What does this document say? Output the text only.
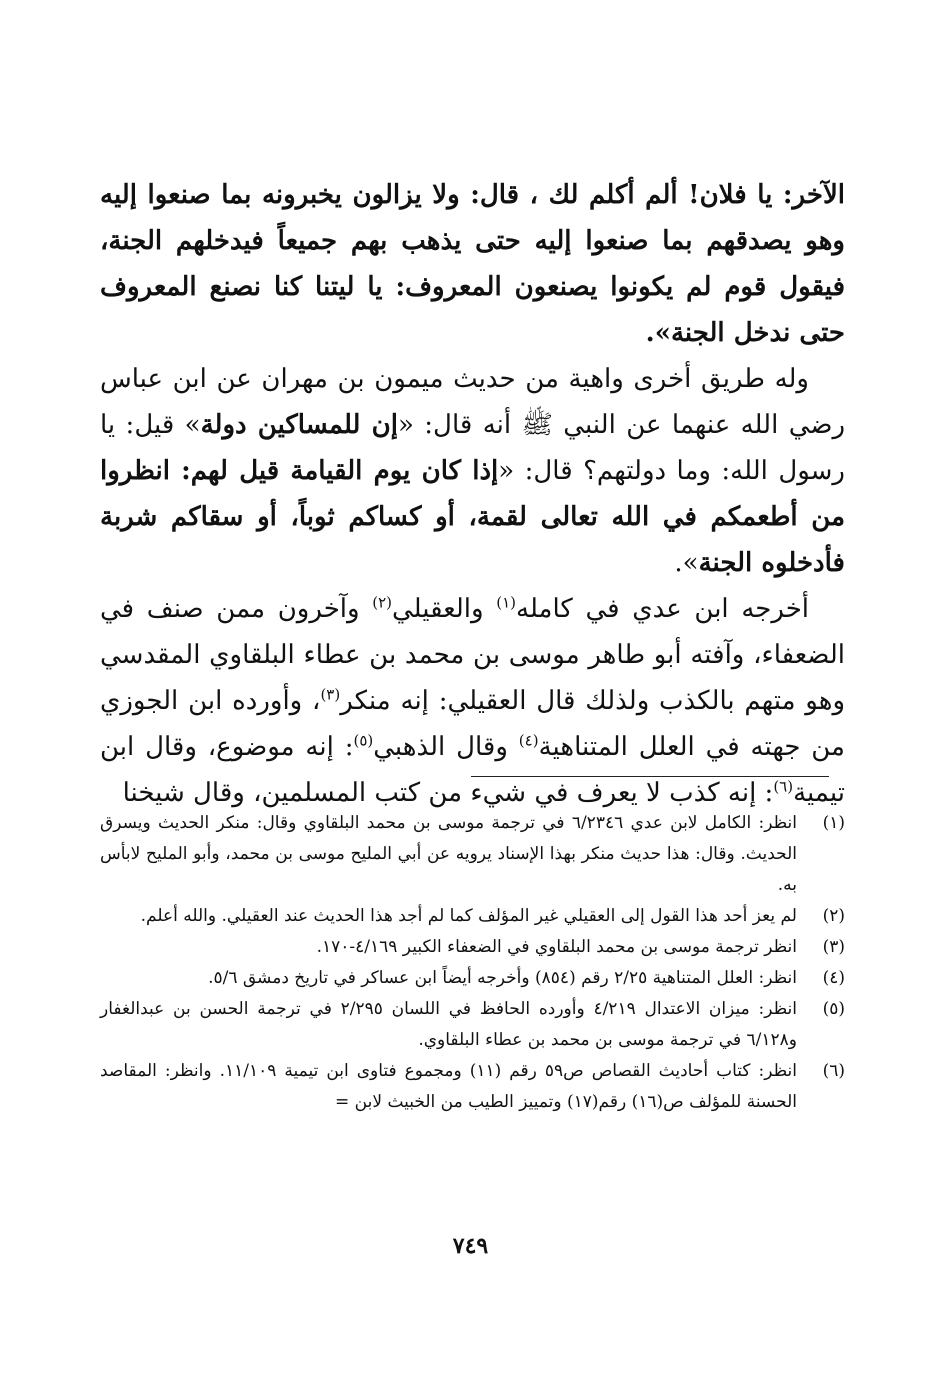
الآخر: يا فلان! ألم أكلم لك ، قال: ولا يزالون يخبرونه بما صنعوا إليه وهو يصدقهم بما صنعوا إليه حتى يذهب بهم جميعاً فيدخلهم الجنة، فيقول قوم لم يكونوا يصنعون المعروف: يا ليتنا كنا نصنع المعروف حتى ندخل الجنة».

وله طريق أخرى واهية من حديث ميمون بن مهران عن ابن عباس رضي الله عنهما عن النبي ﷺ أنه قال: «إن للمساكين دولة» قيل: يا رسول الله: وما دولتهم؟ قال: «إذا كان يوم القيامة قيل لهم: انظروا من أطعمكم في الله تعالى لقمة، أو كساكم ثوباً، أو سقاكم شربة فأدخلوه الجنة».

أخرجه ابن عدي في كامله$^{(١)}$ والعقيلي$^{(٢)}$ وآخرون ممن صنف في الضعفاء، وآفته أبو طاهر موسى بن محمد بن عطاء البلقاوي المقدسي وهو متهم بالكذب ولذلك قال العقيلي: إنه منكر$^{(٣)}$، وأورده ابن الجوزي من جهته في العلل المتناهية$^{(٤)}$ وقال الذهبي$^{(٥)}$: إنه موضوع، وقال ابن تيمية$^{(٦)}$: إنه كذب لا يعرف في شيء من كتب المسلمين، وقال شيخنا

(١)
انظر: الكامل لابن عدي ٦/٢٣٤٦ في ترجمة موسى بن محمد البلقاوي وقال: منكر الحديث ويسرق الحديث. وقال: هذا حديث منكر بهذا الإسناد يرويه عن أبي المليح موسى بن محمد، وأبو المليح لابأس به.
(٢)
لم يعز أحد هذا القول إلى العقيلي غير المؤلف كما لم أجد هذا الحديث عند العقيلي. والله أعلم.
(٣)
انظر ترجمة موسى بن محمد البلقاوي في الضعفاء الكبير ٤/١٦٩-١٧٠.
(٤)
انظر: العلل المتناهية ٢/٢٥ رقم (٨٥٤) وأخرجه أيضاً ابن عساكر في تاريخ دمشق ٥/٦.
(٥)
انظر: ميزان الاعتدال ٤/٢١٩ وأورده الحافظ في اللسان ٢/٢٩٥ في ترجمة الحسن بن عبدالغفار و٦/١٢٨ في ترجمة موسى بن محمد بن عطاء البلقاوي.
(٦)
انظر: كتاب أحاديث القصاص ص٥٩ رقم (١١) ومجموع فتاوى ابن تيمية ١١/١٠٩. وانظر: المقاصد الحسنة للمؤلف ص(١٦) رقم(١٧) وتمييز الطيب من الخبيث لابن =
٧٤٩
